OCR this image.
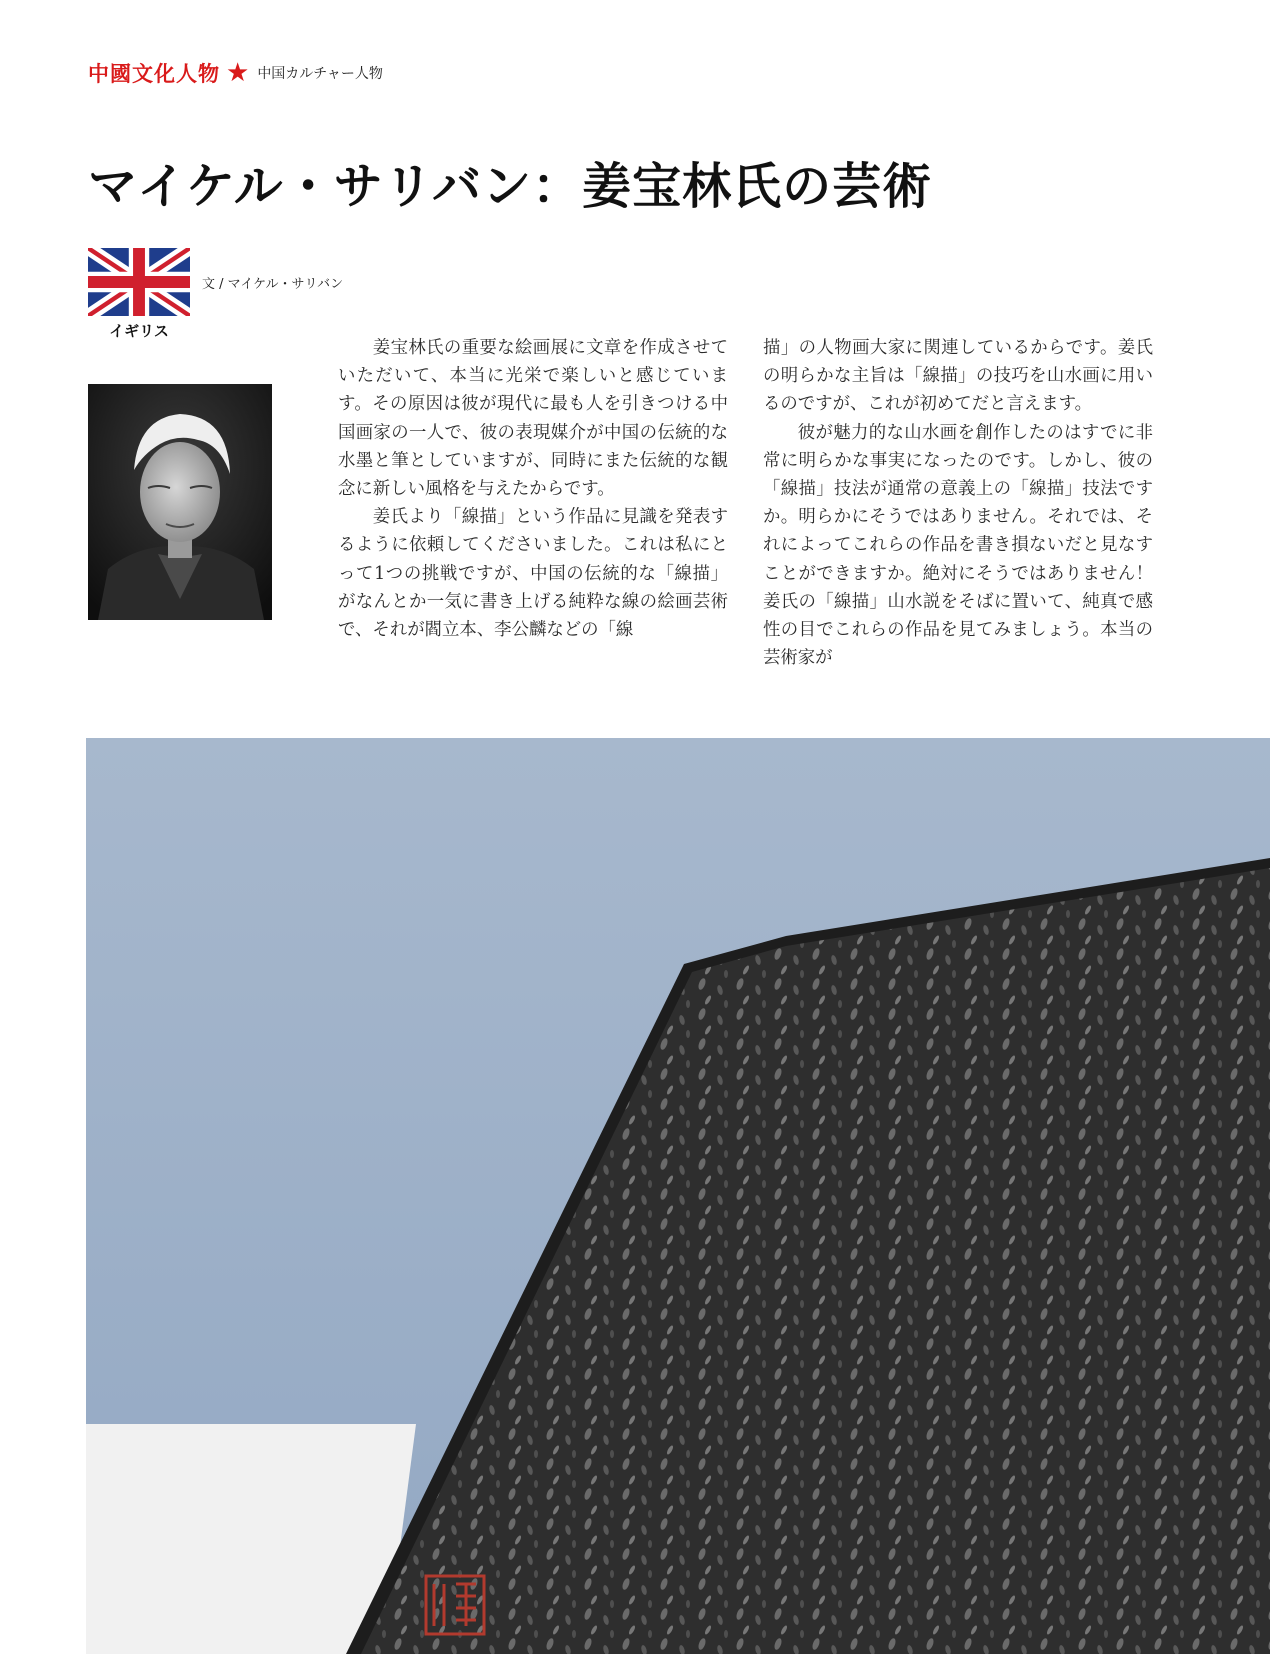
中國文化人物 ★ 中国カルチャー人物
マイケル・サリバン：姜宝林氏の芸術
イギリス
文 / マイケル・サリバン

姜宝林氏の重要な絵画展に文章を作成させていただいて、本当に光栄で楽しいと感じています。その原因は彼が現代に最も人を引きつける中国画家の一人で、彼の表現媒介が中国の伝統的な水墨と筆としていますが、同時にまた伝統的な観念に新しい風格を与えたからです。

姜氏より「線描」という作品に見識を発表するように依頼してくださいました。これは私にとって1つの挑戦ですが、中国の伝統的な「線描」がなんとか一気に書き上げる純粋な線の絵画芸術で、それが閻立本、李公麟などの「線

描」の人物画大家に関連しているからです。姜氏の明らかな主旨は「線描」の技巧を山水画に用いるのですが、これが初めてだと言えます。

彼が魅力的な山水画を創作したのはすでに非常に明らかな事実になったのです。しかし、彼の「線描」技法が通常の意義上の「線描」技法ですか。明らかにそうではありません。それでは、それによってこれらの作品を書き損ないだと見なすことができますか。絶対にそうではありません！姜氏の「線描」山水説をそばに置いて、純真で感性の目でこれらの作品を見てみましょう。本当の芸術家が
